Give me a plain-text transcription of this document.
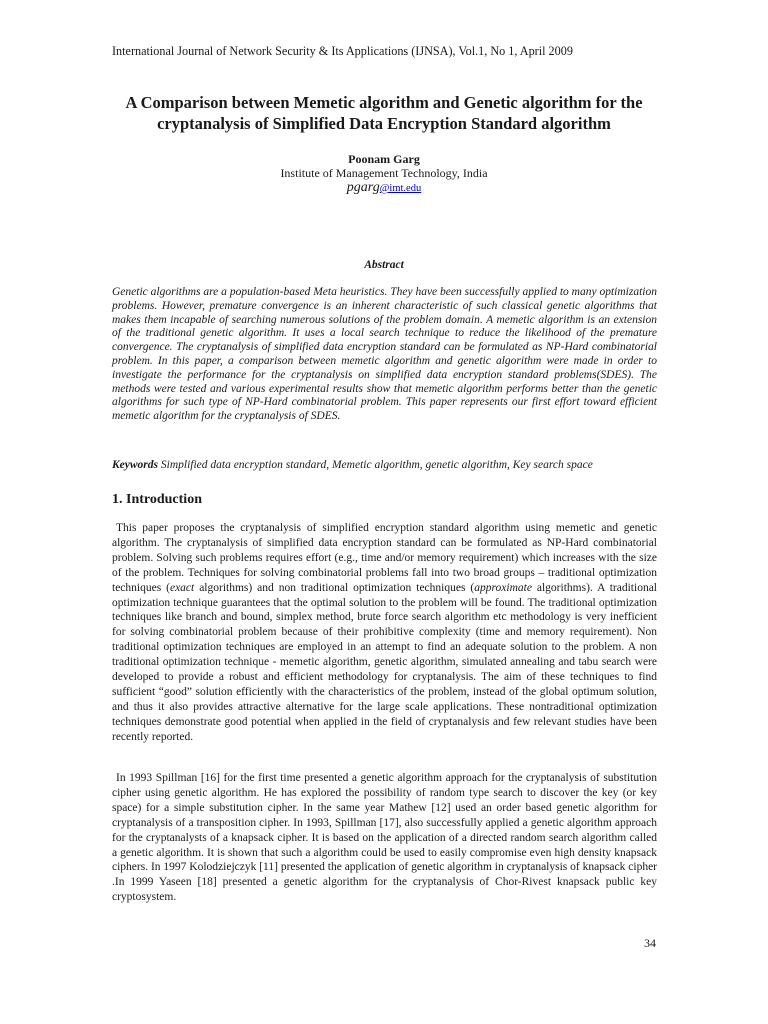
International Journal of Network Security & Its Applications (IJNSA), Vol.1, No 1, April 2009
A Comparison between Memetic algorithm and Genetic algorithm for the cryptanalysis of Simplified Data Encryption Standard algorithm
Poonam Garg
Institute of Management Technology, India
pgarg@imt.edu
Abstract
Genetic algorithms are a population-based Meta heuristics. They have been successfully applied to many optimization problems. However, premature convergence is an inherent characteristic of such classical genetic algorithms that makes them incapable of searching numerous solutions of the problem domain. A memetic algorithm is an extension of the traditional genetic algorithm. It uses a local search technique to reduce the likelihood of the premature convergence. The cryptanalysis of simplified data encryption standard can be formulated as NP-Hard combinatorial problem. In this paper, a comparison between memetic algorithm and genetic algorithm were made in order to investigate the performance for the cryptanalysis on simplified data encryption standard problems(SDES). The methods were tested and various experimental results show that memetic algorithm performs better than the genetic algorithms for such type of NP-Hard combinatorial problem. This paper represents our first effort toward efficient memetic algorithm for the cryptanalysis of SDES.
Keywords Simplified data encryption standard, Memetic algorithm, genetic algorithm, Key search space
1. Introduction
This paper proposes the cryptanalysis of simplified encryption standard algorithm using memetic and genetic algorithm. The cryptanalysis of simplified data encryption standard can be formulated as NP-Hard combinatorial problem. Solving such problems requires effort (e.g., time and/or memory requirement) which increases with the size of the problem. Techniques for solving combinatorial problems fall into two broad groups – traditional optimization techniques (exact algorithms) and non traditional optimization techniques (approximate algorithms). A traditional optimization technique guarantees that the optimal solution to the problem will be found. The traditional optimization techniques like branch and bound, simplex method, brute force search algorithm etc methodology is very inefficient for solving combinatorial problem because of their prohibitive complexity (time and memory requirement). Non traditional optimization techniques are employed in an attempt to find an adequate solution to the problem. A non traditional optimization technique - memetic algorithm, genetic algorithm, simulated annealing and tabu search were developed to provide a robust and efficient methodology for cryptanalysis. The aim of these techniques to find sufficient “good” solution efficiently with the characteristics of the problem, instead of the global optimum solution, and thus it also provides attractive alternative for the large scale applications. These nontraditional optimization techniques demonstrate good potential when applied in the field of cryptanalysis and few relevant studies have been recently reported.
In 1993 Spillman [16] for the first time presented a genetic algorithm approach for the cryptanalysis of substitution cipher using genetic algorithm. He has explored the possibility of random type search to discover the key (or key space) for a simple substitution cipher. In the same year Mathew [12] used an order based genetic algorithm for cryptanalysis of a transposition cipher. In 1993, Spillman [17], also successfully applied a genetic algorithm approach for the cryptanalysts of a knapsack cipher. It is based on the application of a directed random search algorithm called a genetic algorithm. It is shown that such a algorithm could be used to easily compromise even high density knapsack ciphers. In 1997 Kolodziejczyk [11] presented the application of genetic algorithm in cryptanalysis of knapsack cipher .In 1999 Yaseen [18] presented a genetic algorithm for the cryptanalysis of Chor-Rivest knapsack public key cryptosystem.
34
